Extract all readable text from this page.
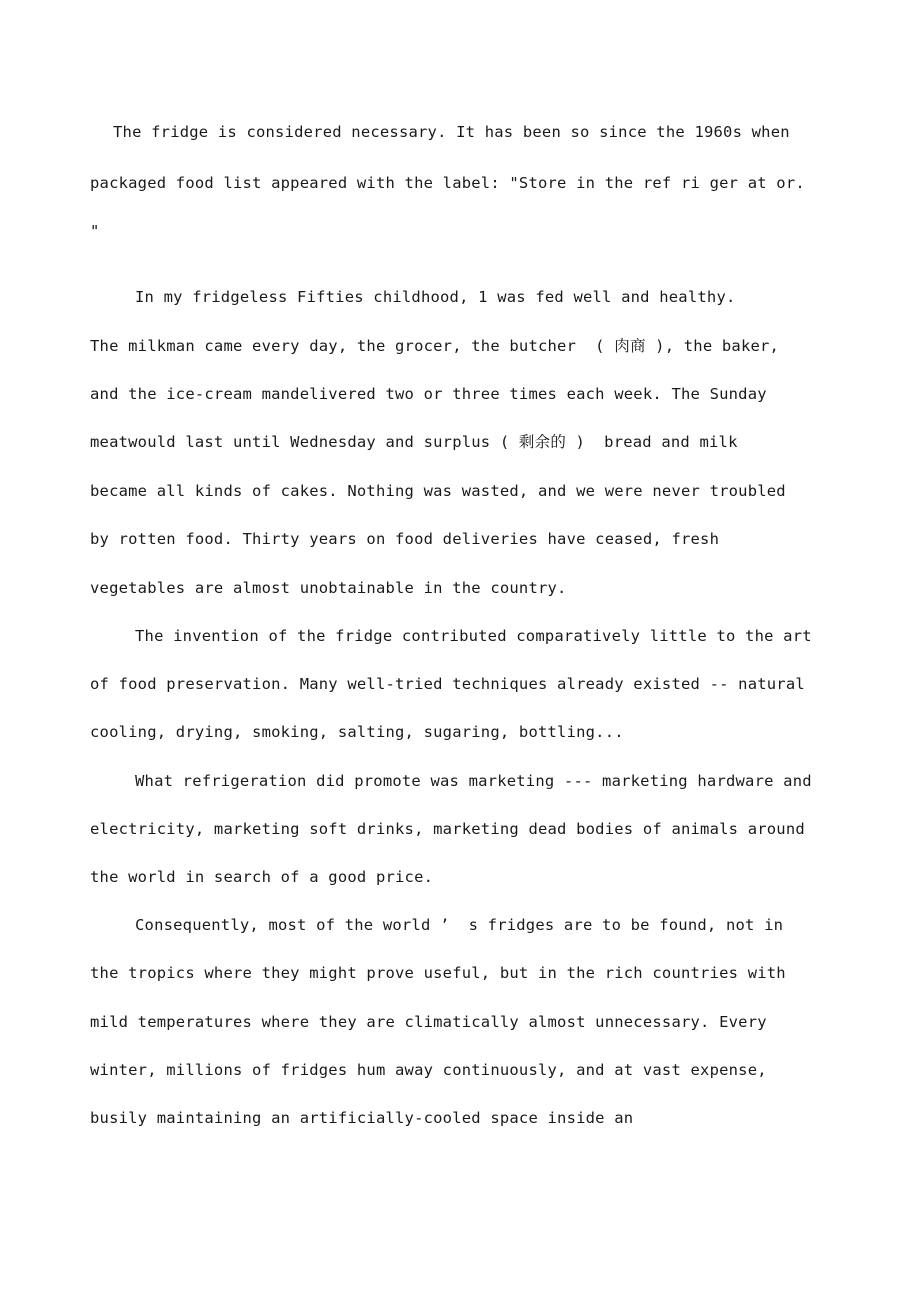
The fridge is considered necessary. It has been so since the 1960s when
packaged food list appeared with the label: "Store in the ref ri ger at or.
"
In my fridgeless Fifties childhood, 1 was fed well and healthy.
The milkman came every day, the grocer, the butcher  ( 肉商 ), the baker,
and the ice-cream mandelivered two or three times each week. The Sunday
meatwould last until Wednesday and surplus ( 剩余的 )  bread and milk
became all kinds of cakes. Nothing was wasted, and we were never troubled
by rotten food. Thirty years on food deliveries have ceased, fresh
vegetables are almost unobtainable in the country.
The invention of the fridge contributed comparatively little to the art
of food preservation. Many well-tried techniques already existed -- natural
cooling, drying, smoking, salting, sugaring, bottling...
What refrigeration did promote was marketing --- marketing hardware and
electricity, marketing soft drinks, marketing dead bodies of animals around
the world in search of a good price.
Consequently, most of the world ’  s fridges are to be found, not in
the tropics where they might prove useful, but in the rich countries with
mild temperatures where they are climatically almost unnecessary. Every
winter, millions of fridges hum away continuously, and at vast expense,
busily maintaining an artificially-cooled space inside an
